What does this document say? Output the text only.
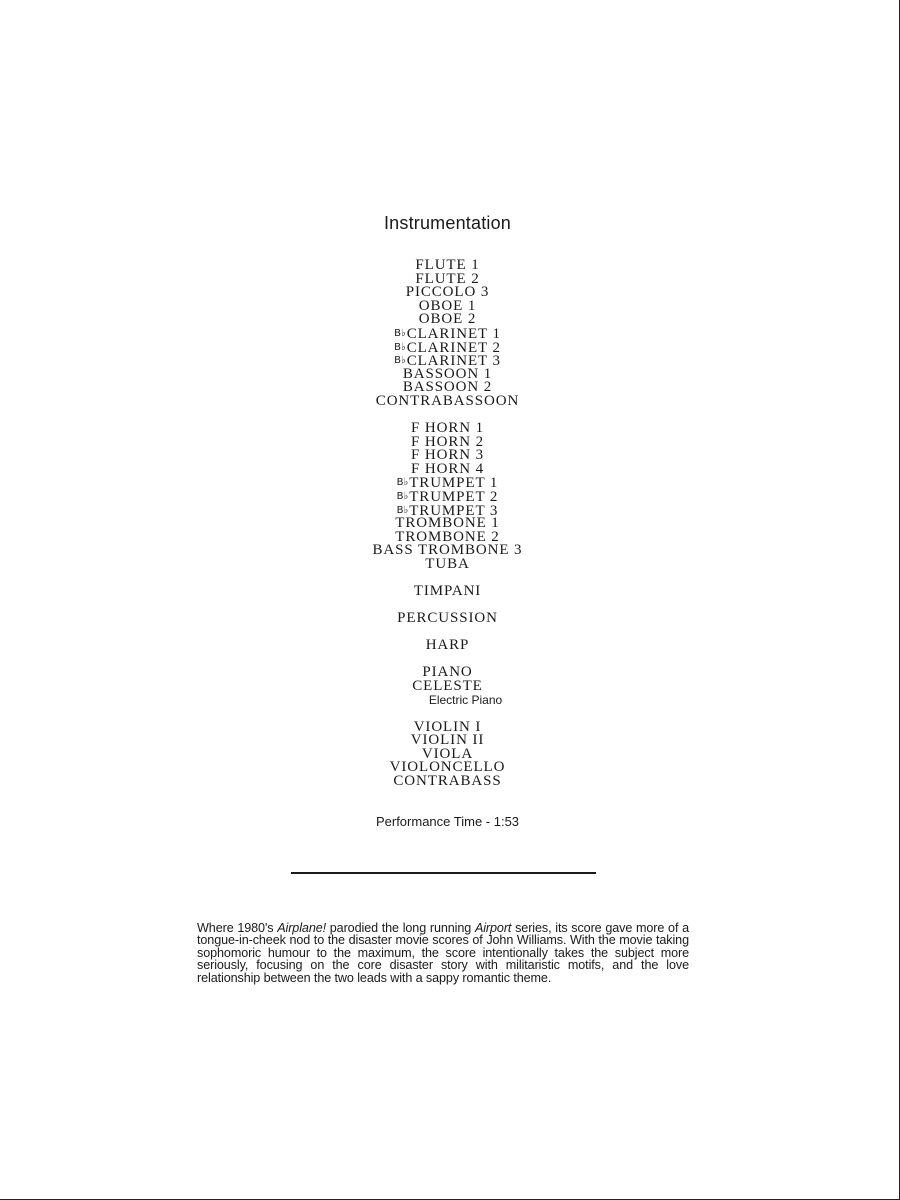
Instrumentation
FLUTE 1
FLUTE 2
PICCOLO 3
OBOE 1
OBOE 2
B♭CLARINET 1
B♭CLARINET 2
B♭CLARINET 3
BASSOON 1
BASSOON 2
CONTRABASSOON
F HORN 1
F HORN 2
F HORN 3
F HORN 4
B♭TRUMPET 1
B♭TRUMPET 2
B♭TRUMPET 3
TROMBONE 1
TROMBONE 2
BASS TROMBONE 3
TUBA
TIMPANI
PERCUSSION
HARP
PIANO
CELESTE
Electric Piano
VIOLIN I
VIOLIN II
VIOLA
VIOLONCELLO
CONTRABASS
Performance Time - 1:53

Where 1980's Airplane! parodied the long running Airport series, its score gave more of a tongue-in-cheek nod to the disaster movie scores of John Williams. With the movie taking sophomoric humour to the maximum, the score intentionally takes the subject more seriously, focusing on the core disaster story with militaristic motifs, and the love relationship between the two leads with a sappy romantic theme.
